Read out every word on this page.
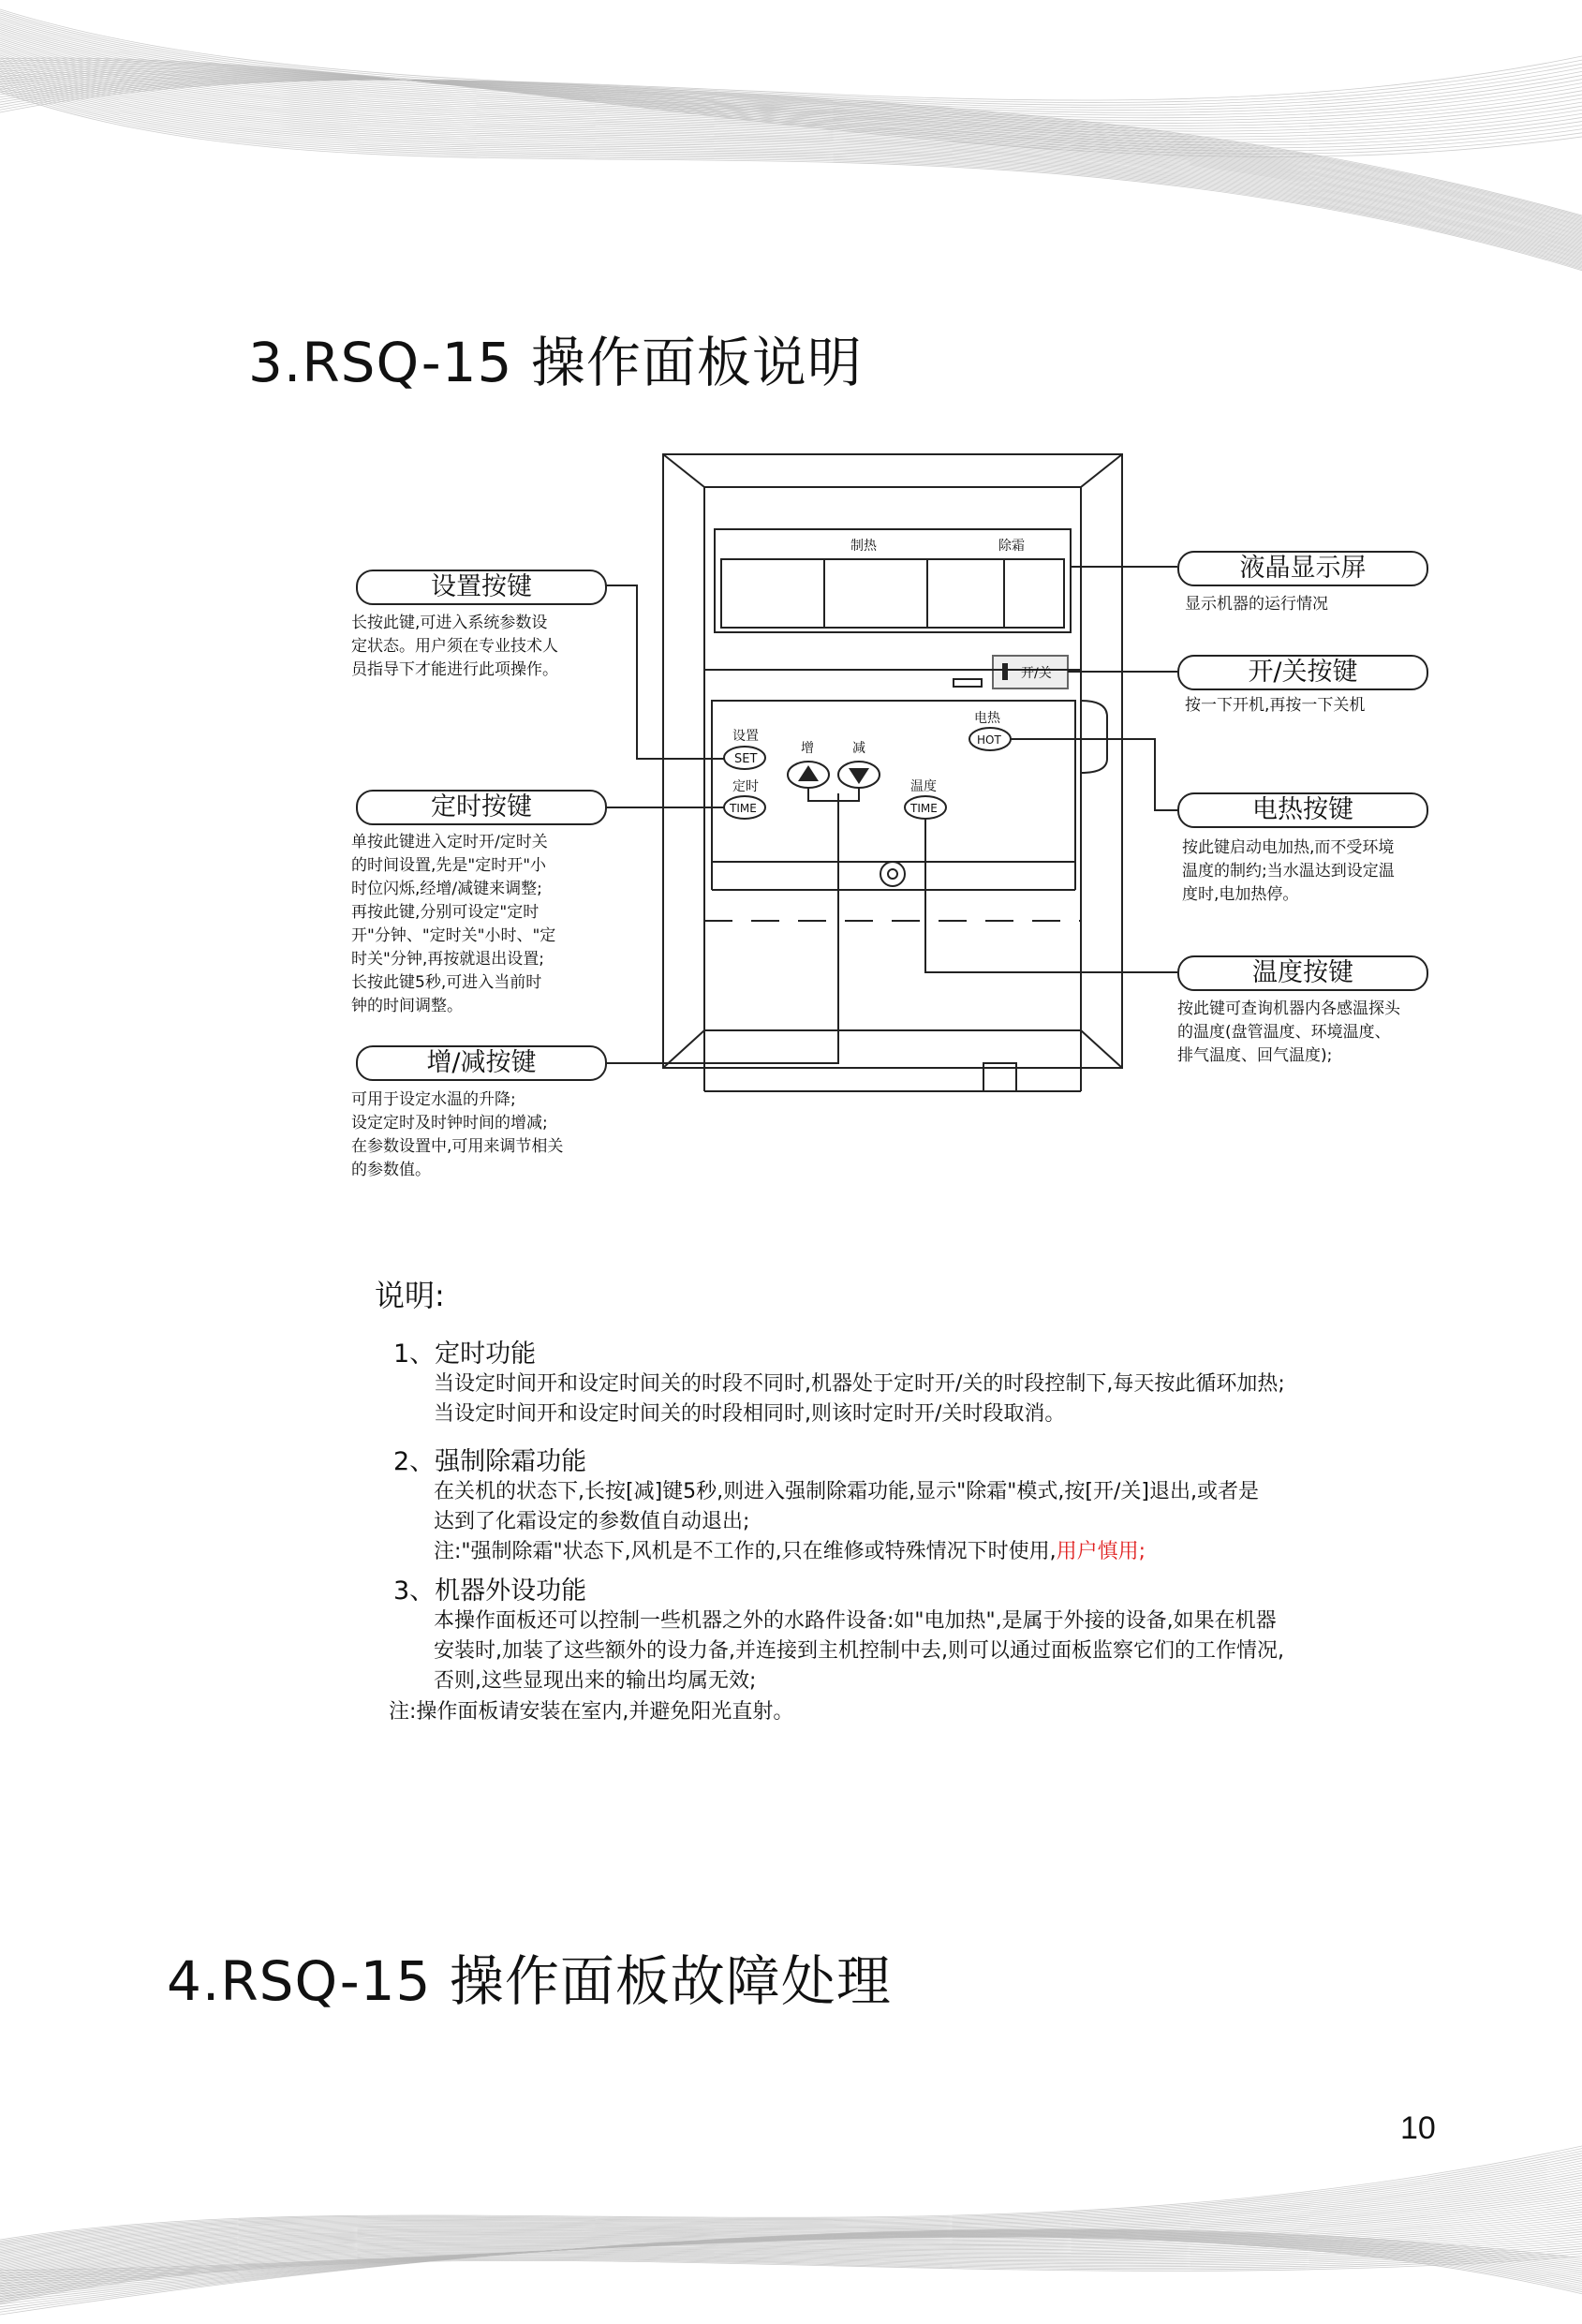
3.RSQ-15 操作面板说明
制热	除霜
开/关
设置
SET
定时
TIME
增	减
温度
TIME
电热
HOT
设置按键
长按此键,可进入系统参数设
定状态。用户须在专业技术人
员指导下才能进行此项操作。
定时按键
单按此键进入定时开/定时关
的时间设置,先是"定时开"小
时位闪烁,经增/减键来调整;
再按此键,分别可设定"定时
开"分钟、"定时关"小时、"定
时关"分钟,再按就退出设置;
长按此键5秒,可进入当前时
钟的时间调整。
增/减按键
可用于设定水温的升降;
设定定时及时钟时间的增减;
在参数设置中,可用来调节相关
的参数值。
液晶显示屏
显示机器的运行情况
开/关按键
按一下开机,再按一下关机
电热按键
按此键启动电加热,而不受环境
温度的制约;当水温达到设定温
度时,电加热停。
温度按键
按此键可查询机器内各感温探头
的温度(盘管温度、环境温度、
排气温度、回气温度);
说明:
1、定时功能
当设定时间开和设定时间关的时段不同时,机器处于定时开/关的时段控制下,每天按此循环加热;
当设定时间开和设定时间关的时段相同时,则该时定时开/关时段取消。
2、强制除霜功能
在关机的状态下,长按[减]键5秒,则进入强制除霜功能,显示"除霜"模式,按[开/关]退出,或者是
达到了化霜设定的参数值自动退出;
注:"强制除霜"状态下,风机是不工作的,只在维修或特殊情况下时使用,用户慎用;
3、机器外设功能
本操作面板还可以控制一些机器之外的水路件设备:如"电加热",是属于外接的设备,如果在机器
安装时,加装了这些额外的设力备,并连接到主机控制中去,则可以通过面板监察它们的工作情况,
否则,这些显现出来的输出均属无效;
注:操作面板请安装在室内,并避免阳光直射。
4.RSQ-15 操作面板故障处理
10
